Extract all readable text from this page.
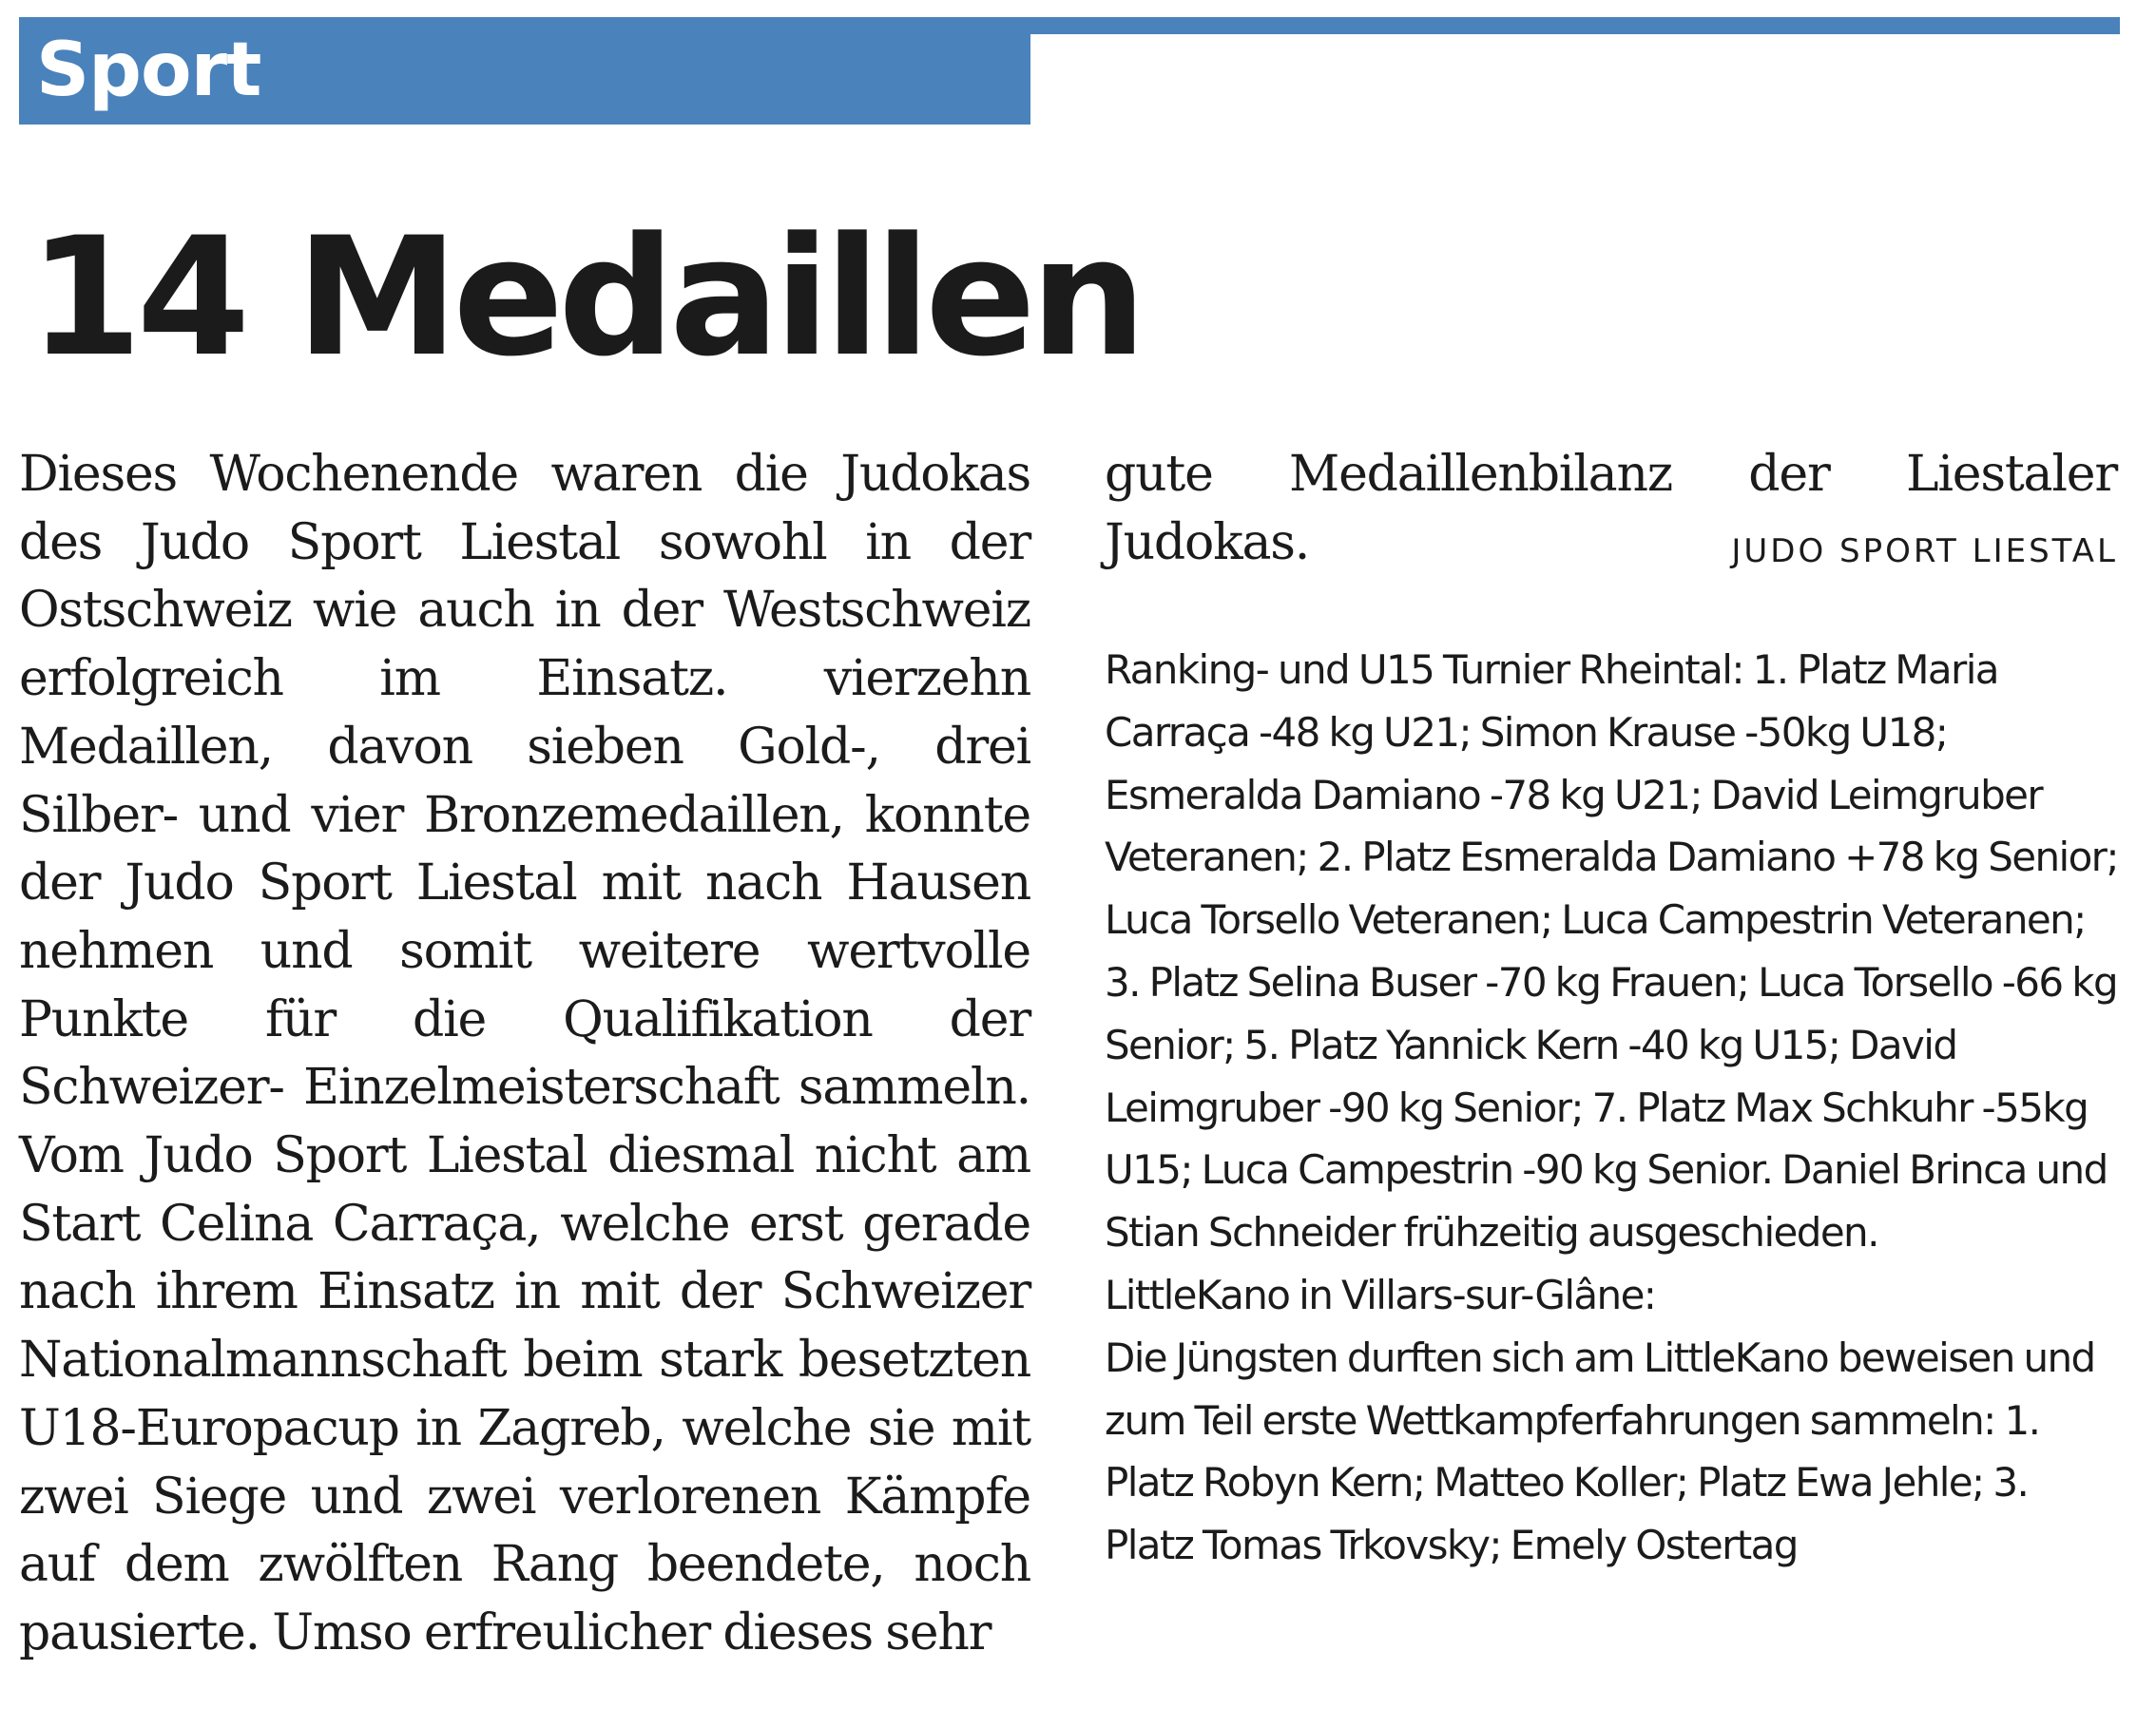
Sport
14 Medaillen

Dieses Wochenende waren die Judokas des Judo Sport Liestal sowohl in der Ostschweiz wie auch in der Westschweiz erfolgreich im Einsatz. vierzehn Medaillen, davon sieben Gold-, drei Silber- und vier Bronzemedaillen, konnte der Judo Sport Liestal mit nach Hausen nehmen und somit weitere wertvolle Punkte für die Qualifikation der Schweizer- Einzelmeisterschaft sammeln. Vom Judo Sport Liestal diesmal nicht am Start Celina Carraça, welche erst gerade nach ihrem Einsatz in mit der Schweizer Nationalmannschaft beim stark besetzten U18-Europacup in Zagreb, welche sie mit zwei Siege und zwei verlorenen Kämpfe auf dem zwölften Rang beendete, noch pausierte. Umso erfreulicher dieses sehr

gute Medaillenbilanz der Liestaler Judokas.	JUDO SPORT LIESTAL

Ranking- und U15 Turnier Rheintal: 1. Platz Maria Carraça -48 kg U21; Simon Krause -50kg U18; Esmeralda Damiano -78 kg U21; David Leimgruber Veteranen; 2. Platz Esmeralda Damiano +78 kg Senior; Luca Torsello Veteranen; Luca Campestrin Veteranen; 3. Platz Selina Buser -70 kg Frauen; Luca Torsello -66 kg Senior; 5. Platz Yannick Kern -40 kg U15; David Leimgruber -90 kg Senior; 7. Platz Max Schkuhr -55kg U15; Luca Campestrin -90 kg Senior. Daniel Brinca und Stian Schneider frühzeitig ausgeschieden.

LittleKano in Villars-sur-Glâne:

Die Jüngsten durften sich am LittleKano beweisen und zum Teil erste Wettkampferfahrungen sammeln: 1. Platz Robyn Kern; Matteo Koller; Platz Ewa Jehle; 3. Platz Tomas Trkovsky; Emely Ostertag
